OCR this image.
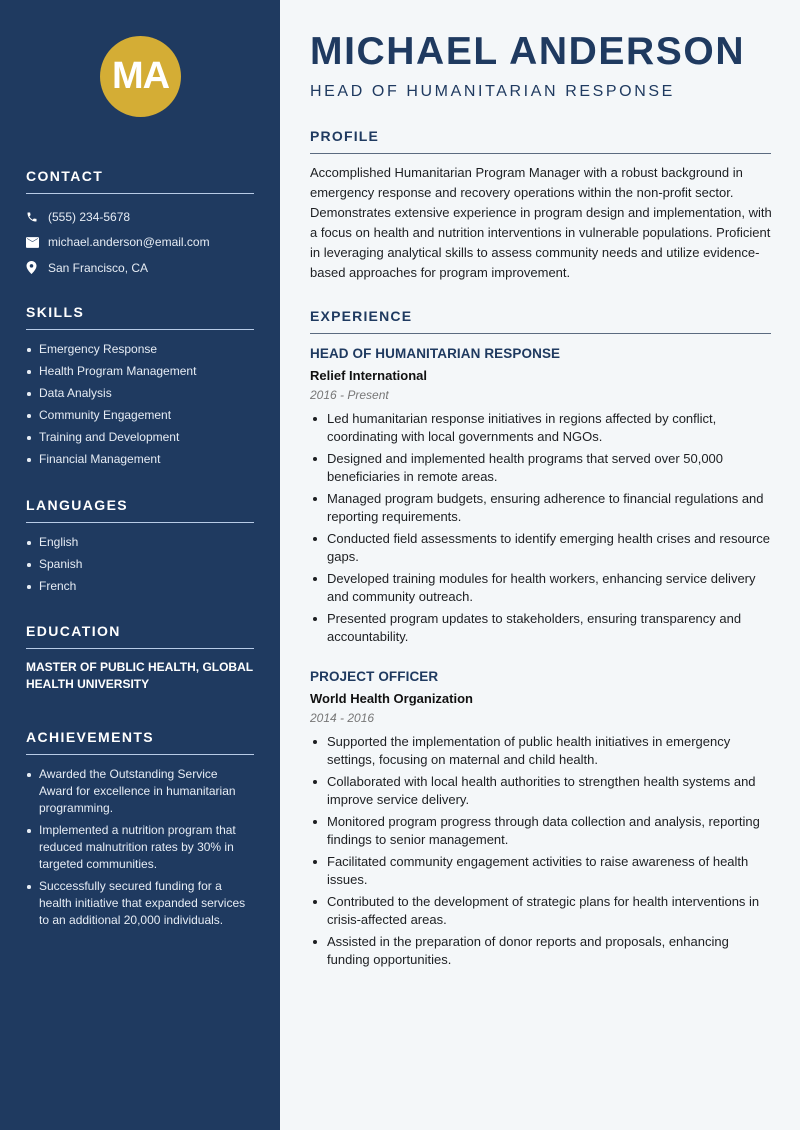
MA
CONTACT
(555) 234-5678
michael.anderson@email.com
San Francisco, CA
SKILLS
Emergency Response
Health Program Management
Data Analysis
Community Engagement
Training and Development
Financial Management
LANGUAGES
English
Spanish
French
EDUCATION
MASTER OF PUBLIC HEALTH, GLOBAL HEALTH UNIVERSITY
ACHIEVEMENTS
Awarded the Outstanding Service Award for excellence in humanitarian programming.
Implemented a nutrition program that reduced malnutrition rates by 30% in targeted communities.
Successfully secured funding for a health initiative that expanded services to an additional 20,000 individuals.
MICHAEL ANDERSON
HEAD OF HUMANITARIAN RESPONSE
PROFILE

Accomplished Humanitarian Program Manager with a robust background in emergency response and recovery operations within the non-profit sector. Demonstrates extensive experience in program design and implementation, with a focus on health and nutrition interventions in vulnerable populations. Proficient in leveraging analytical skills to assess community needs and utilize evidence-based approaches for program improvement.

EXPERIENCE
HEAD OF HUMANITARIAN RESPONSE
Relief International
2016 - Present
Led humanitarian response initiatives in regions affected by conflict, coordinating with local governments and NGOs.
Designed and implemented health programs that served over 50,000 beneficiaries in remote areas.
Managed program budgets, ensuring adherence to financial regulations and reporting requirements.
Conducted field assessments to identify emerging health crises and resource gaps.
Developed training modules for health workers, enhancing service delivery and community outreach.
Presented program updates to stakeholders, ensuring transparency and accountability.
PROJECT OFFICER
World Health Organization
2014 - 2016
Supported the implementation of public health initiatives in emergency settings, focusing on maternal and child health.
Collaborated with local health authorities to strengthen health systems and improve service delivery.
Monitored program progress through data collection and analysis, reporting findings to senior management.
Facilitated community engagement activities to raise awareness of health issues.
Contributed to the development of strategic plans for health interventions in crisis-affected areas.
Assisted in the preparation of donor reports and proposals, enhancing funding opportunities.
